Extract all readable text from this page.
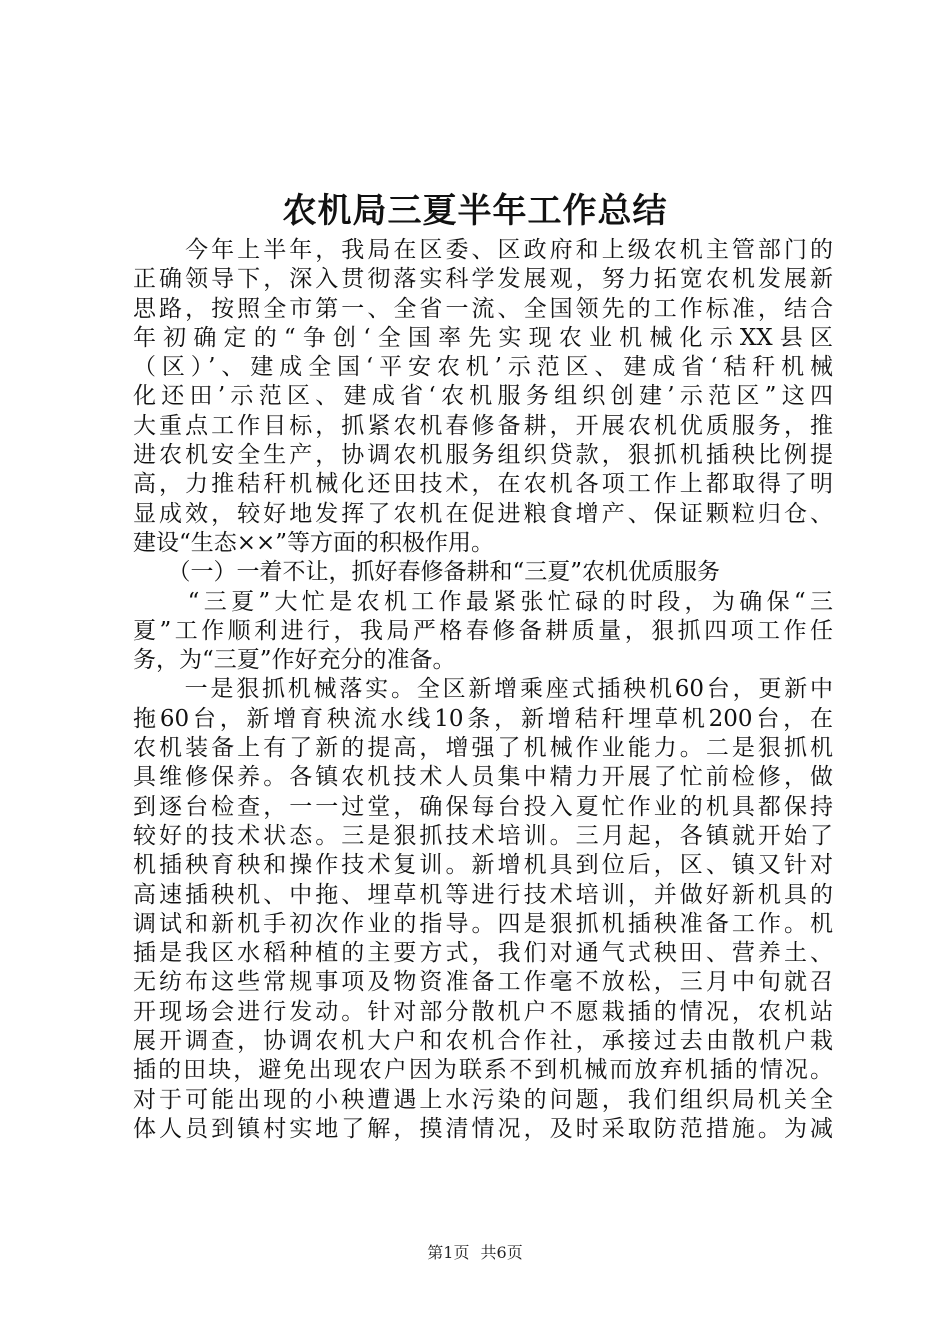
农机局三夏半年工作总结
　　今年上半年，我局在区委、区政府和上级农机主管部门的
正确领导下，深入贯彻落实科学发展观，努力拓宽农机发展新
思路，按照全市第一、全省一流、全国领先的工作标准，结合
年初确定的“争创‘全国率先实现农业机械化示XX县区
（区）’、建成全国‘平安农机’示范区、建成省‘秸秆机械
化还田’示范区、建成省‘农机服务组织创建’示范区”这四
大重点工作目标，抓紧农机春修备耕，开展农机优质服务，推
进农机安全生产，协调农机服务组织贷款，狠抓机插秧比例提
高，力推秸秆机械化还田技术，在农机各项工作上都取得了明
显成效，较好地发挥了农机在促进粮食增产、保证颗粒归仓、
建设“生态××”等方面的积极作用。
　　（一）一着不让，抓好春修备耕和“三夏”农机优质服务
　　“三夏”大忙是农机工作最紧张忙碌的时段，为确保“三
夏”工作顺利进行，我局严格春修备耕质量，狠抓四项工作任
务，为“三夏”作好充分的准备。
　　一是狠抓机械落实。全区新增乘座式插秧机60台，更新中
拖60台，新增育秧流水线10条，新增秸秆埋草机200台，在
农机装备上有了新的提高，增强了机械作业能力。二是狠抓机
具维修保养。各镇农机技术人员集中精力开展了忙前检修，做
到逐台检查，一一过堂，确保每台投入夏忙作业的机具都保持
较好的技术状态。三是狠抓技术培训。三月起，各镇就开始了
机插秧育秧和操作技术复训。新增机具到位后，区、镇又针对
高速插秧机、中拖、埋草机等进行技术培训，并做好新机具的
调试和新机手初次作业的指导。四是狠抓机插秧准备工作。机
插是我区水稻种植的主要方式，我们对通气式秧田、营养土、
无纺布这些常规事项及物资准备工作毫不放松，三月中旬就召
开现场会进行发动。针对部分散机户不愿栽插的情况，农机站
展开调查，协调农机大户和农机合作社，承接过去由散机户栽
插的田块，避免出现农户因为联系不到机械而放弃机插的情况。
对于可能出现的小秧遭遇上水污染的问题，我们组织局机关全
体人员到镇村实地了解，摸清情况，及时采取防范措施。为减
第1页 共6页
